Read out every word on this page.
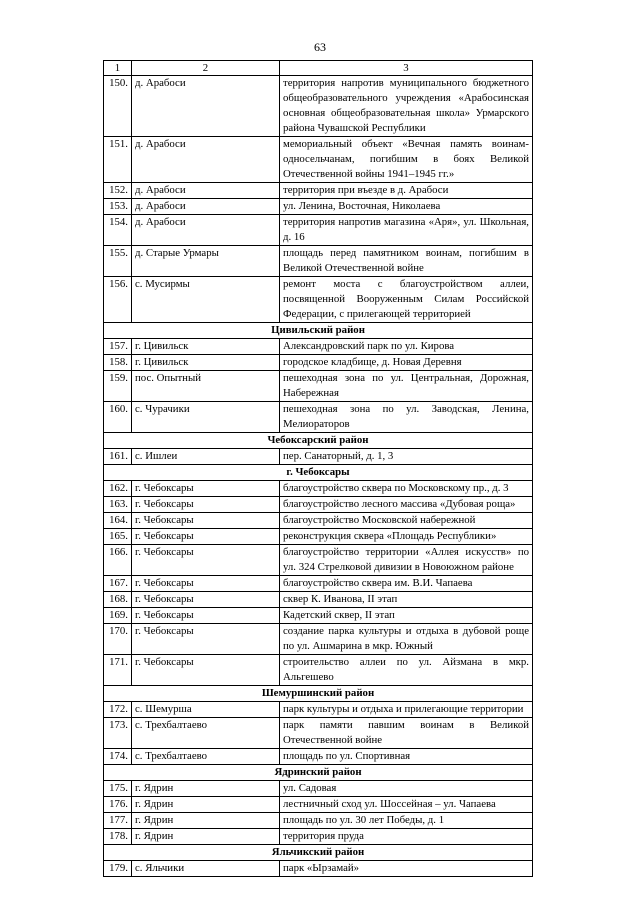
63
1	2	3
150.	д. Арабоси	территория напротив муниципального бюджетного общеобразовательного учреждения «Арабосинская основная общеобразовательная школа» Урмарского района Чувашской Республики
151.	д. Арабоси	мемориальный объект «Вечная память воинам-односельчанам, погибшим в боях Великой Отечественной войны 1941–1945 гг.»
152.	д. Арабоси	территория при въезде в д. Арабоси
153.	д. Арабоси	ул. Ленина, Восточная, Николаева
154.	д. Арабоси	территория напротив магазина «Аря», ул. Школьная, д. 16
155.	д. Старые Урмары	площадь перед памятником воинам, погибшим в Великой Отечественной войне
156.	с. Мусирмы	ремонт моста с благоустройством аллеи, посвященной Вооруженным Силам Российской Федерации, с прилегающей территорией
Цивильский район		
157.	г. Цивильск	Александровский парк по ул. Кирова
158.	г. Цивильск	городское кладбище, д. Новая Деревня
159.	пос. Опытный	пешеходная зона по ул. Центральная, Дорожная, Набережная
160.	с. Чурачики	пешеходная зона по ул. Заводская, Ленина, Мелиораторов
Чебоксарский район		
161.	с. Ишлеи	пер. Санаторный, д. 1, 3
г. Чебоксары		
162.	г. Чебоксары	благоустройство сквера по Московскому пр., д. 3
163.	г. Чебоксары	благоустройство лесного массива «Дубовая роща»
164.	г. Чебоксары	благоустройство Московской набережной
165.	г. Чебоксары	реконструкция сквера «Площадь Республики»
166.	г. Чебоксары	благоустройство территории «Аллея искусств» по ул. 324 Стрелковой дивизии в Новоюжном районе
167.	г. Чебоксары	благоустройство сквера им. В.И. Чапаева
168.	г. Чебоксары	сквер К. Иванова, II этап
169.	г. Чебоксары	Кадетский сквер, II этап
170.	г. Чебоксары	создание парка культуры и отдыха в дубовой роще по ул. Ашмарина в мкр. Южный
171.	г. Чебоксары	строительство аллеи по ул. Айзмана в мкр. Альгешево
Шемуршинский район		
172.	с. Шемурша	парк культуры и отдыха и прилегающие территории
173.	с. Трехбалтаево	парк памяти павшим воинам в Великой Отечественной войне
174.	с. Трехбалтаево	площадь по ул. Спортивная
Ядринский район		
175.	г. Ядрин	ул. Садовая
176.	г. Ядрин	лестничный сход ул. Шоссейная – ул. Чапаева
177.	г. Ядрин	площадь по ул. 30 лет Победы, д. 1
178.	г. Ядрин	территория пруда
Яльчикский район		
179.	с. Яльчики	парк «Ырзамай»
